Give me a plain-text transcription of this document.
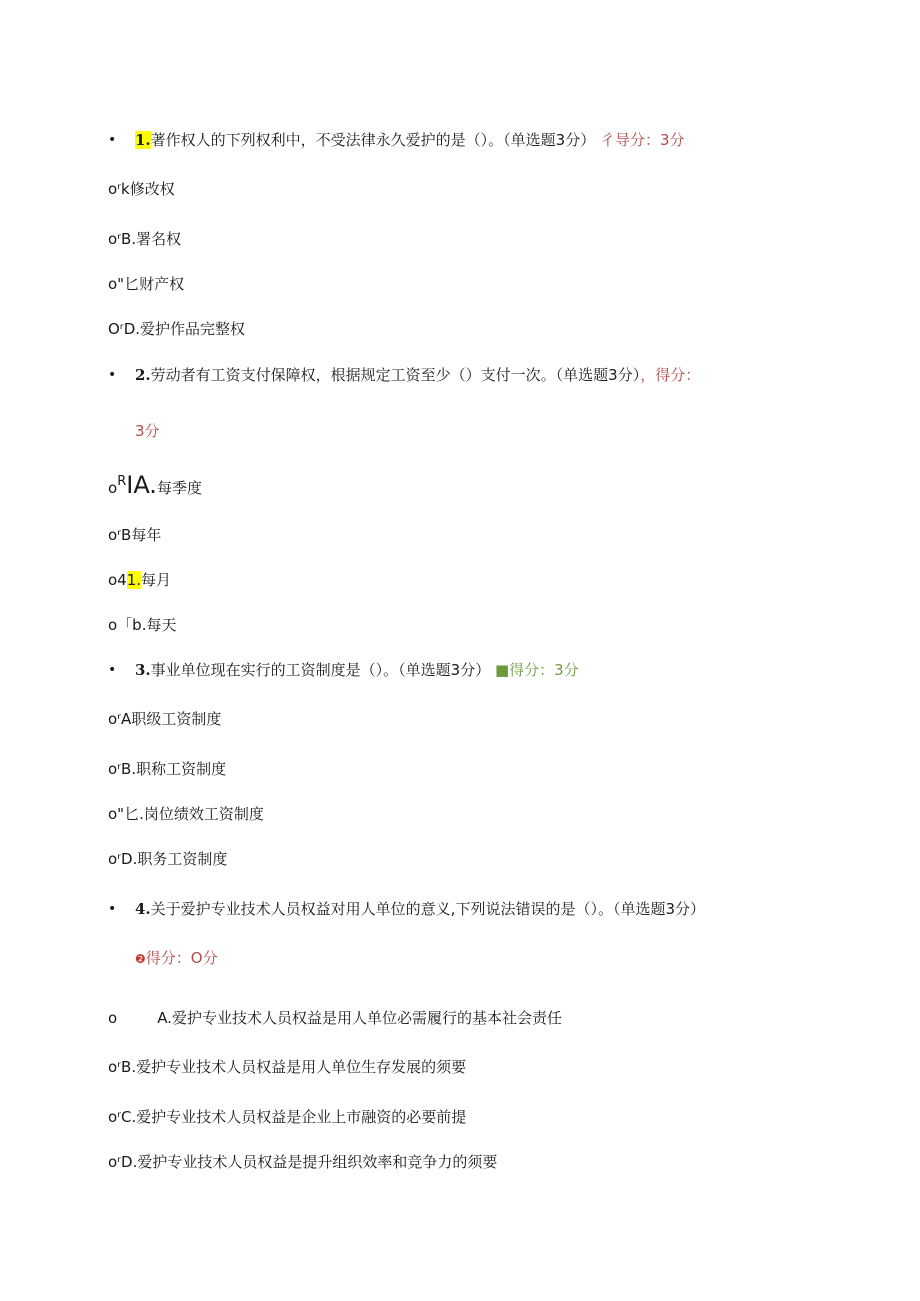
• 1.著作权人的下列权利中，不受法律永久爱护的是（）。（单选题3分） 彳导分：3分
oʳk修改权
oʳB.署名权
o"匕财产权
OʳD.爱护作品完整权
• 2.劳动者有工资支付保障权，根据规定工资至少（）支付一次。（单选题3分），得分：
3分
oRIA.每季度
oʳB每年
o41.每月
o「b.每天
• 3.事业单位现在实行的工资制度是（）。（单选题3分） ■得分：3分
oʳA职级工资制度
oʳB.职称工资制度
o"匕.岗位绩效工资制度
oʳD.职务工资制度
• 4.关于爱护专业技术人员权益对用人单位的意义,下列说法错误的是（）。（单选题3分）
❷得分：O分
o	A.爱护专业技术人员权益是用人单位必需履行的基本社会责任
oʳB.爱护专业技术人员权益是用人单位生存发展的须要
oʳC.爱护专业技术人员权益是企业上市融资的必要前提
oʳD.爱护专业技术人员权益是提升组织效率和竞争力的须要
